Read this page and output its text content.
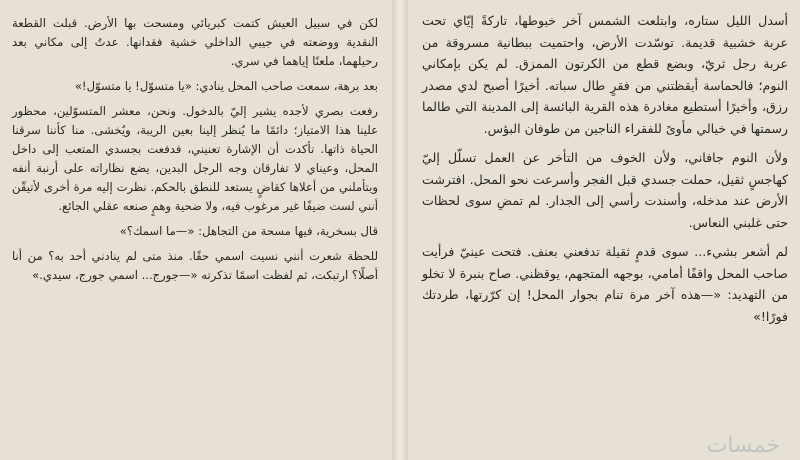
لكن في سبيل العيش كتمت كبريائي ومسحت بها الأرض. قبلت القطعة النقدية ووضعته في جيبي الداخلي خشية فقدانها. عدتُ إلى مكاني بعد رحيلهما، ملعنًا إياهما في سري.

بعد برهة، سمعت صاحب المحل ينادي: «يا متسوّل! يا متسوّل!»

رفعت بصري لأجده يشير إليّ بالدخول. ونحن، معشر المتسوّلين، محظور علينا هذا الامتياز؛ دائمًا ما يُنظر إلينا بعين الريبة، ويُخشى. منا كأننا سرقنا الحياة ذاتها. تأكدت أن الإشارة تعنيني، فدفعت بجسدي المتعب إلى داخل المحل، وعيناي لا تفارقان وجه الرجل البدين، يضع نظاراته على أرنبة أنفه ويتأملني من أعلاها كقاضٍ يستعد للنطق بالحكم. نظرت إليه مرة أخرى لأتيقّن أنني لست ضيفًا غير مرغوب فيه، ولا ضحية وهمٍ صنعه عقلي الجائع.

قال بسخرية، فيها مسحة من التجاهل: «—ما اسمك؟»

للحظة شعرت أنني نسيت اسمي حقًا. منذ متى لم ينادني أحد به؟ من أنا أصلًا؟ ارتبكت، ثم لفظت اسمًا تذكرته «—جورج... اسمي جورج، سيدي.»

أسدل الليل ستاره، وابتلعت الشمس آخر خيوطها، تاركةً إيّاي تحت عربة خشبية قديمة. توسّدت الأرض، واحتميت ببطانية مسروقة من عربة رجل ثريّ، وبضع قطع من الكرتون الممزق. لم يكن بإمكاني النوم؛ فالحماسة أيقظتني من فقرٍ طال سباته. أخيرًا أصبح لدي مصدر رزق، وأخيرًا أستطيع مغادرة هذه القرية البائسة إلى المدينة التي طالما رسمتها في خيالي مأوىً للفقراء الناجين من طوفان البؤس.

ولأن النوم جافاني، ولأن الخوف من التأخر عن العمل تسلّل إليّ كهاجسٍ ثقيل، حملت جسدي قبل الفجر وأسرعت نحو المحل. افترشت الأرض عند مدخله، وأسندت رأسي إلى الجدار. لم تمضِ سوى لحظات حتى غلبني النعاس.

لم أشعر بشيء... سوى قدمٍ ثقيلة تدفعني بعنف. فتحت عينيّ فرأيت صاحب المحل واقفًا أمامي، بوجهه المتجهم، يوقظني. صاح بنبرة لا تخلو من التهديد: «—هذه آخر مرة تنام بجوار المحل! إن كرّرتها، طردتك فورًا!»

خمسات
